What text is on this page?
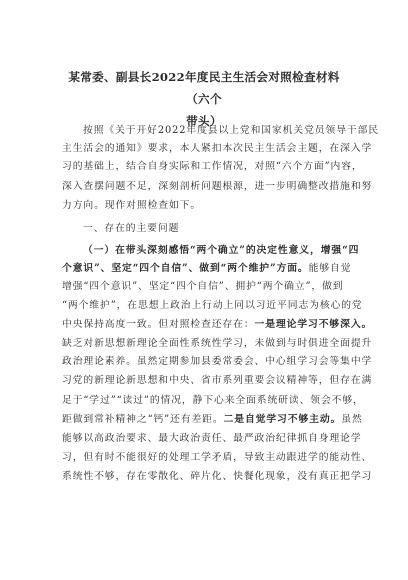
某常委、副县长2022年度民主生活会对照检查材料（六个
带头）
按照《关于开好2022年度县以上党和国家机关党员领导干部民
主生活会的通知》要求，本人紧扣本次民主生活会主题，在深入学
习的基础上，结合自身实际和工作情况，对照“六个方面”内容，
深入查摆问题不足，深刻剖析问题根源，进一步明确整改措施和努
力方向。现作对照检查如下。
一、存在的主要问题
（一）在带头深刻感悟“两个确立”的决定性意义，增强“四
个意识”、坚定“四个自信”、做到“两个维护”方面。能够自觉
增强“四个意识”、坚定“四个自信”、拥护“两个确立”，做到
“两个维护”，在思想上政治上行动上同以习近平同志为核心的党
中央保持高度一致。但对照检查还存在：一是理论学习不够深入。
缺乏对新思想新理论全面性系统性学习，未做到与时俱进全面提升
政治理论素养。虽然定期参加县委常委会、中心组学习会等集中学
习党的新理论新思想和中央、省市系列重要会议精神等，但存在满
足于“学过”“读过”的情况，静下心来全面系统研读、领会不够，
距做到常补精神之“钙”还有差距。二是自觉学习不够主动。虽然
能够以高政治要求、最大政治责任、最严政治纪律抓自身理论学
习，但有时不能很好的处理工学矛盾，导致主动跟进学的能动性、
系统性不够，存在零散化、碎片化、快餐化现象，没有真正把学习
